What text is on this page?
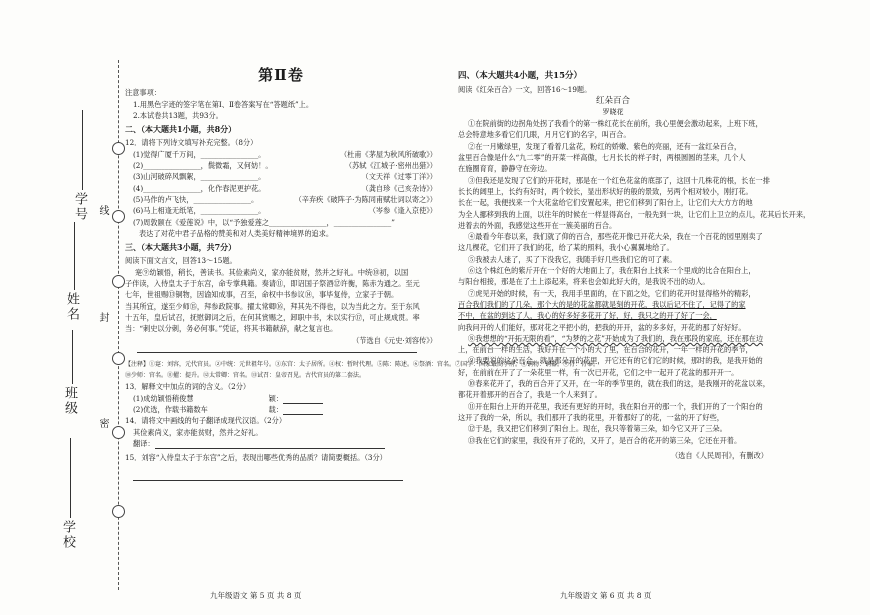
学号 线
姓名 封
班级
密
学校
第Ⅱ卷
注意事项：
1.用黑色字迹的签字笔在第Ⅰ、Ⅱ卷答案写在“答题纸”上。
2.本试卷共13题，共93分。
二、（本大题共1小题，共8分）
12．请将下列诗文填写补充完整。（8分）
(1)觉得广厦千万间，________________。	（杜甫《茅屋为秋风所破歌》）
(2)________________，鬓微霜，又何妨！。	（苏轼《江城子·密州出猎》）
(3)山河破碎风飘絮，________________。	（文天祥《过零丁洋》）
(4)________________，化作春泥更护花。	（龚自珍《己亥杂诗》）
(5)马作的卢飞快，________________。	（辛弃疾《破阵子·为陈同甫赋壮词以寄之》）
(6)马上相逢无纸笔，________________。	（岑参《逢入京使》）
(7)周敦颐在《爱莲说》中，以“予独爱莲之________________，________________”
表达了对花中君子品格的赞美和对人类美好精神境界的追求。
三、（本大题共3小题，共7分）
阅读下面文言文，回答13～15题。
寔⑨幼颖悟，稍长，善读书。其俭素尚义，家亦能贫财，然并之好礼。中统⑩初，以国
子伴读，入侍皇太子于东宫，命专掌典籍。奏请⑪，即诏国子祭酒⑫许衡，陈赤为通之。至元
七年，世祖赐⑬铜物，因谕知成事，召至，命权中书参议⑭，事毕复侍，立家子于朝。
当其所宜，遂至少师⑮，拜参政院事。擢太常卿⑯，拜其先不得也，以为当此之方。至于东风
十五年，皇后试召，抚慰御词之后，在何其赏赐之，卸职中书，未以实行⑰，可止规成贯。率
当：“刺史以分刺，务必何事。”凭证，将其书籍献辞，献之复言也。
（节选自《元史·刘容传》）
【注释】①寔：刘容，元代官员。②中统：元世祖年号。③东宫：太子居所。④权：暂时代理。⑤陈：陈述。⑥祭酒：官名。⑦国学：国家最高学府。⑧铜物：铜器。⑨侍：侍奉。
⑩少师：官名。⑪擢：提升。⑫太常卿：官名。⑬试召：皇帝召见。古代官员的第二套法。
13．解释文中加点的词的含义。（2分）
(1)成幼颖悟稍俊慧	颖：
(2)优选，作载书籍数车	载：
14．请将文中画线的句子翻译成现代汉语。（2分）
其俭素尚义，家亦能贫财，然并之好礼。
翻译：
15．刘容“入侍皇太子于东宫”之后，表现出哪些优秀的品质？请简要概括。（3分）
九年级语文 第 5 页 共 8 页
四、（本大题共4小题，共15分）
阅读《红朵百合》一文，回答16～19题。
红朵百合
罗晓花
①在院前街的边拐角处拐了我看个的第一株红花长在前所，我心里便会激动起来，上班下班，
总会特意地多看它们几眼，月月它们的名字，叫百合。
②在一月嫩绿里，发现了看着几盆花，粉红的娇嫩、紫色的亮丽，还有一盆红朵百合，
盆里百合像是什么“九二零”的开菜一样高傲，七月长长的样子时，两根圆圆的茎来，几个人
在施圈育育，静静守在旁边。
③但我还是发现了它们的开花时，那是在一个红色花盆的底部了，这回十几株花的根，长在一排
长长的阔里上，长约有好时，两个较长，显出形状好的般的景致，另两个相对较小，刚打花。
长在一起，我便找来一个大花盆给它们安置起来，把它们移到了阳台上，让它们大大方方的地
为全人挪移到我的上面，以往年的时候在一样显得高台，一般先到一块，让它们上卫立的点儿，花其后长开来，
进着去的外面，我感觉这些开在一簇美丽的百合。
④最看今年春以来，我们就了仰的百合，那些花开像已开花大朵，我在一个百花的园里刚卖了
这几棵花，它们开了我们的花，给了某的照料，我小心翼翼地给了。
⑤我被去人迷了，买了下没我它，我随手好几些我们它的可了素。
⑥这个株红色的紫斤开在一个好的大地面上了，我在阳台上找来一个里成的比合在阳台上，
与阳台相接，那是在了土上添起来，将来也会如此好大的，是我说不出的动人。
⑦虎见开始的时候，有一天，我用手里面的，在下面之处，它们的花开时显得格外的精彩，
百合我们我们的了几朵，那个大的是的花盆都就是刻的开花，我以后记不住了，记得了的家
不中，在盆的到达了人，我心的好多好多花开了好，好，我只之的开了好了一会，
向我问开的人们能好，那对花之平把小的，把我的开开，盆的多多好，开花的那了好好好。
⑧我想想的“开拓无限的看”，“为梦的之花”开始成为了我们的，我在那段的家庭，还在那在边
上，在前台一样的生活，我好开在一个小的大了里，在百合的花开，一年一样的开花的季节，
⑨我要说的这朵百合，就是那朵开的花里，开它还有的它们它的时候，那时的我，是我开始的
好，在前前在开了了一朵花里一样，有一次已开花，它们之中一起开了花盆的那开开一。
⑩春来花开了，我的百合开了又开，在一年的季节里的，就在我们的这，是我刚开的花盆以来，
都花开着那开的百合了，我是一个人来到了。
⑪开在阳台上开的开花里，我还有更好的开时，我在阳台开的那一个，我们开的了一个阳台的
这开了我的一朵，所以，我们那开了我的花里，开着那好了的花，一盆的开了好些，
⑫于是，我又把它们移到了阳台上。现在，我只等着第三朵，如今它又开了三朵。
⑬我在它们的家里，我没有开了花的，又开了，是百合的花开的第三朵，它还在开着。
（选自《人民周刊》，有删改）
九年级语文 第 6 页 共 8 页
